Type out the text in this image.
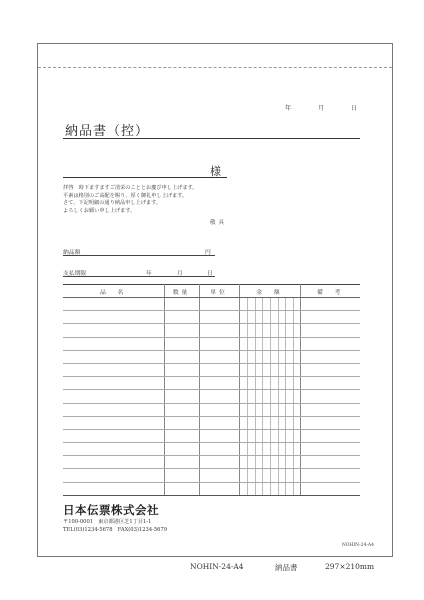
年	月	日
納品書（控）
様
拝啓　時下ますますご清栄のこととお慶び申し上げます。
平素は格別のご高配を賜り、厚く御礼申し上げます。
さて、下記明細の通り納品申し上げます。
よろしくお願い申し上げます。
敬具
納品額	円
支払期限	年	月	日
品　名	数量	単位	金　額	備　考

日本伝票株式会社
〒100-0001　東京都港区芝1丁目1-1
TEL(03)1234-5678　FAX(03)1234-5679
NOHIN-24-A4
NOHIN-24-A4	納品書	297×210mm
